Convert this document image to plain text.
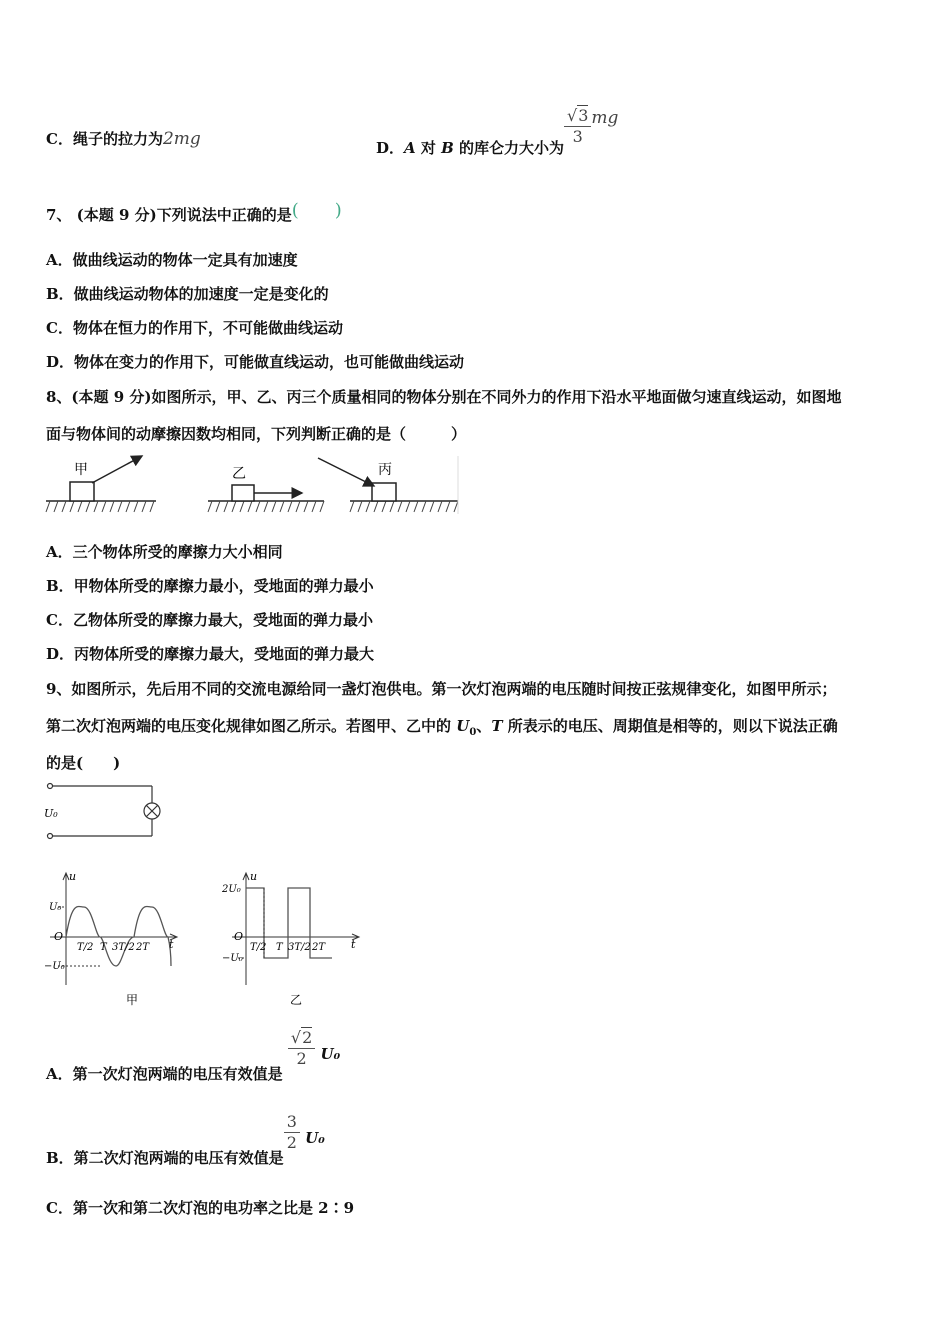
C．绳子的拉力为2mg	D．A 对 B 的库仑力大小为
$\frac{√3}{3}$ mg
7、 (本题 9 分)下列说法中正确的是(　　)
A．做曲线运动的物体一定具有加速度
B．做曲线运动物体的加速度一定是变化的
C．物体在恒力的作用下，不可能做曲线运动
D．物体在变力的作用下，可能做直线运动，也可能做曲线运动
8、(本题 9 分)如图所示，甲、乙、丙三个质量相同的物体分别在不同外力的作用下沿水平地面做匀速直线运动，如图地
面与物体间的动摩擦因数均相同，下列判断正确的是（　　　）
甲	乙	丙
A．三个物体所受的摩擦力大小相同
B．甲物体所受的摩擦力最小，受地面的弹力最小
C．乙物体所受的摩擦力最大，受地面的弹力最小
D．丙物体所受的摩擦力最大，受地面的弹力最大
9、如图所示，先后用不同的交流电源给同一盏灯泡供电。第一次灯泡两端的电压随时间按正弦规律变化，如图甲所示；
第二次灯泡两端的电压变化规律如图乙所示。若图甲、乙中的 $U_0$、T 所表示的电压、周期值是相等的，则以下说法正确
的是(　　)
U₀
u
t
U₀
−U₀
O
T/2 T 3T/2 2T
甲
u
t
2U₀
−U₀
O
T/2 T 3T/2 2T
乙
A．第一次灯泡两端的电压有效值是
$\frac{√2}{2} U_0$
B．第二次灯泡两端的电压有效值是
$\frac{3}{2} U_0$
C．第一次和第二次灯泡的电功率之比是 2∶9
